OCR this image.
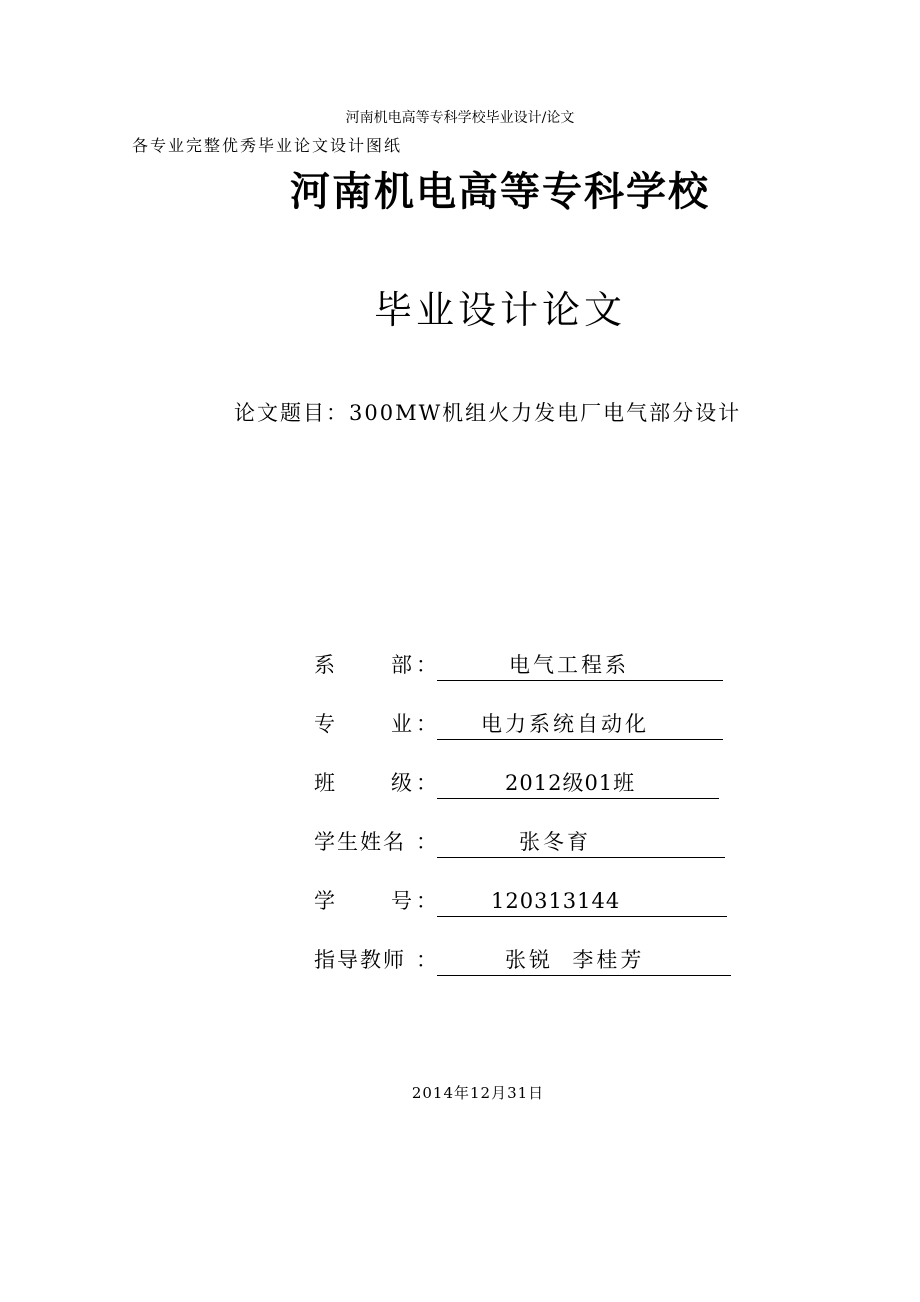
河南机电高等专科学校毕业设计/论文
各专业完整优秀毕业论文设计图纸
河南机电高等专科学校
毕业设计论文
论文题目：300MW机组火力发电厂电气部分设计
系	部 ：	电气工程系
专	业 ：	电力系统自动化
班	级 ：	2012级01班
学生姓名 ：	张冬育
学	号 ：	120313144
指导教师 ：	张锐  李桂芳
2014年12月31日
